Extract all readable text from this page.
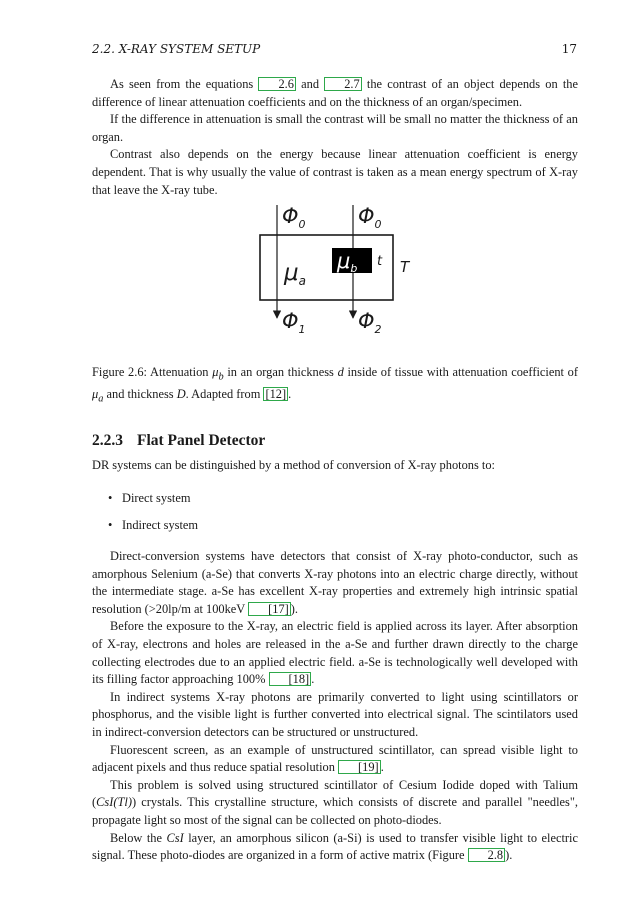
2.2. X-RAY SYSTEM SETUP	17

As seen from the equations 2.6 and 2.7 the contrast of an object depends on the difference of linear attenuation coefficients and on the thickness of an organ/specimen.

If the difference in attenuation is small the contrast will be small no matter the thickness of an organ.

Contrast also depends on the energy because linear attenuation coefficient is energy dependent. That is why usually the value of contrast is taken as a mean energy spectrum of X-ray that leave the X-ray tube.

$\Phi_0$ $\Phi_0$
$\mu_a$
μb t T
$\Phi_1$ $\Phi_2$
Figure 2.6: Attenuation $\mu_b$ in an organ thickness d inside of tissue with attenuation coefficient of $\mu_a$ and thickness D. Adapted from [12] .
2.2.3 Flat Panel Detector
DR systems can be distinguished by a method of conversion of X-ray photons to:
• Direct system
• Indirect system

Direct-conversion systems have detectors that consist of X-ray photo-conductor, such as amorphous Selenium (a-Se) that converts X-ray photons into an electric charge directly, without the intermediate stage. a-Se has excellent X-ray properties and extremely high intrinsic spatial resolution (>20lp/m at 100keV [17] ).

Before the exposure to the X-ray, an electric field is applied across its layer. After absorption of X-ray, electrons and holes are released in the a-Se and further drawn directly to the charge collecting electrodes due to an applied electric field. a-Se is technologically well developed with its filling factor approaching 100% [18] .

In indirect systems X-ray photons are primarily converted to light using scintillators or phosphorus, and the visible light is further converted into electrical signal. The scintilators used in indirect-conversion detectors can be structured or unstructured.

Fluorescent screen, as an example of unstructured scintillator, can spread visible light to adjacent pixels and thus reduce spatial resolution [19] .

This problem is solved using structured scintillator of Cesium Iodide doped with Talium (CsI(Tl)) crystals. This crystalline structure, which consists of discrete and parallel "needles", propagate light so most of the signal can be collected on photo-diodes.

Below the CsI layer, an amorphous silicon (a-Si) is used to transfer visible light to electric signal. These photo-diodes are organized in a form of active matrix (Figure 2.8 ).
